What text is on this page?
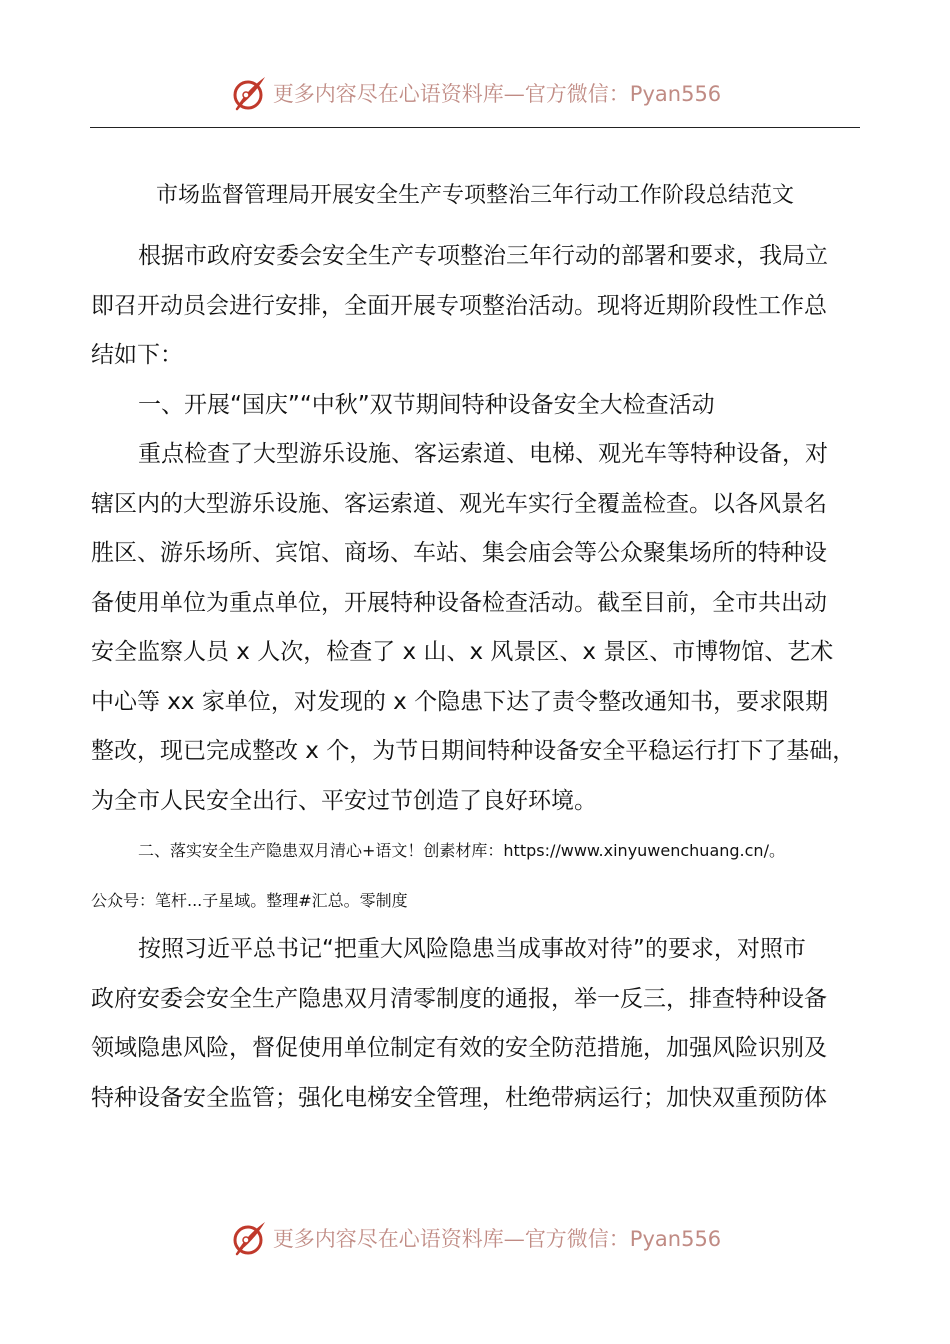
更多内容尽在心语资料库— 官方微信：Pyan556
市场监督管理局开展安全生产专项整治三年行动工作阶段总结范文
根据市政府安委会安全生产专项整治三年行动的部署和要求，我局立
即召开动员会进行安排，全面开展专项整治活动。现将近期阶段性工作总
结如下：
一、开展“国庆”“中秋”双节期间特种设备安全大检查活动
重点检查了大型游乐设施、客运索道、电梯、观光车等特种设备，对
辖区内的大型游乐设施、客运索道、观光车实行全覆盖检查。以各风景名
胜区、游乐场所、宾馆、商场、车站、集会庙会等公众聚集场所的特种设
备使用单位为重点单位，开展特种设备检查活动。截至目前，全市共出动
安全监察人员 x 人次，检查了 x 山、x 风景区、x 景区、市博物馆、艺术
中心等 xx 家单位，对发现的 x 个隐患下达了责令整改通知书，要求限期
整改，现已完成整改 x 个，为节日期间特种设备安全平稳运行打下了基础，
为全市人民安全出行、平安过节创造了良好环境。
二、落实安全生产隐患双月清心+语文！创素材库：https://www.xinyuwenchuang.cn/。
公众号：笔杆...子星域。整理#汇总。零制度
按照习近平总书记“把重大风险隐患当成事故对待”的要求，对照市
政府安委会安全生产隐患双月清零制度的通报，举一反三，排查特种设备
领域隐患风险，督促使用单位制定有效的安全防范措施，加强风险识别及
特种设备安全监管；强化电梯安全管理，杜绝带病运行；加快双重预防体
更多内容尽在心语资料库— 官方微信：Pyan556
